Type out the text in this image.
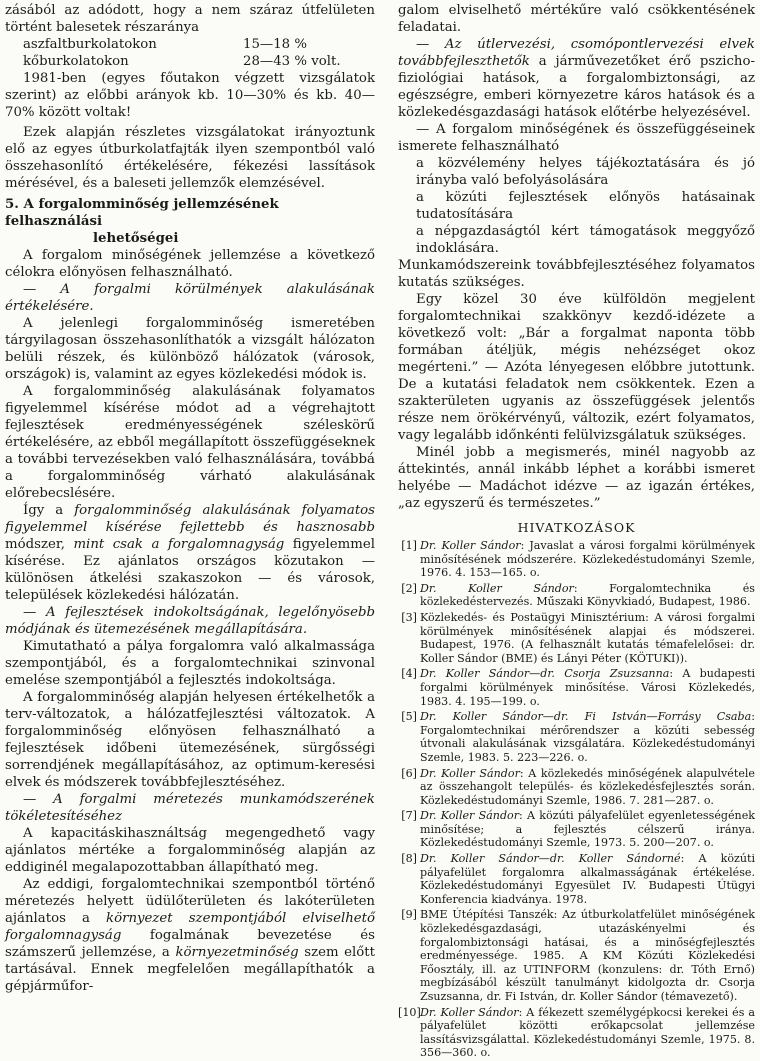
zásából az adódott, hogy a nem száraz útfelületen történt balesetek részaránya

aszfaltburkolatokon	15—18 %
kőburkolatokon	28—43 % volt.

1981-ben (egyes főutakon végzett vizsgálatok szerint) az előbbi arányok kb. 10—30% és kb. 40—70% között voltak!

Ezek alapján részletes vizsgálatokat irányoztunk elő az egyes útburkolatfajták ilyen szempontból való összehasonlító értékelésére, fékezési lassítások mérésével, és a baleseti jellemzők elemzésével.

5. A forgalomminőség jellemzésének felhasználási
lehetőségei

A forgalom minőségének jellemzése a következő célokra előnyösen felhasználható.

— A forgalmi körülmények alakulásának értékelésére.

A jelenlegi forgalomminőség ismeretében tárgyilagosan összehasonlíthatók a vizsgált hálózaton belüli részek, és különböző hálózatok (városok, országok) is, valamint az egyes közlekedési módok is.

A forgalomminőség alakulásának folyamatos figyelemmel kísérése módot ad a végrehajtott fejlesztések eredményességének széleskörű értékelésére, az ebből megállapított összefüggéseknek a további tervezésekben való felhasználására, továbbá a forgalomminőség várható alakulásának előrebecslésére.

Így a forgalomminőség alakulásának folyamatos figyelemmel kísérése fejlettebb és hasznosabb módszer, mint csak a forgalomnagyság figyelemmel kísérése. Ez ajánlatos országos közutakon — különösen átkelési szakaszokon — és városok, települések közlekedési hálózatán.

— A fejlesztések indokoltságának, legelőnyösebb módjának és ütemezésének megállapítására.

Kimutatható a pálya forgalomra való alkalmassága szempontjából, és a forgalomtechnikai szinvonal emelése szempontjából a fejlesztés indokoltsága.

A forgalomminőség alapján helyesen értékelhetők a terv-változatok, a hálózatfejlesztési változatok. A forgalomminőség előnyösen felhasználható a fejlesztések időbeni ütemezésének, sürgősségi sorrendjének megállapításához, az optimum-keresési elvek és módszerek továbbfejlesztéséhez.

— A forgalmi méretezés munkamódszerének tökéletesítéséhez

A kapacitáskihasználtság megengedhető vagy ajánlatos mértéke a forgalomminőség alapján az eddiginél megalapozottabban állapítható meg.

Az eddigi, forgalomtechnikai szempontból történő méretezés helyett üdülőterületen és lakóterületen ajánlatos a környezet szempontjából elviselhető forgalomnagyság fogalmának bevezetése és számszerű jellemzése, a környezetminőség szem előtt tartásával. Ennek megfelelően megállapíthatók a gépjárműfor-

galom elviselhető mértékűre való csökkentésének feladatai.

— Az útlervezési, csomópontlervezési elvek továbbfejleszthetők a járművezetőket érő pszicho-fiziológiai hatások, a forgalombiztonsági, az egészségre, emberi környezetre káros hatások és a közlekedésgazdasági hatások előtérbe helyezésével.

— A forgalom minőségének és összefüggéseinek ismerete felhasználható

a közvélemény helyes tájékoztatására és jó irányba való befolyásolására

a közúti fejlesztések előnyös hatásainak tudatosítására

a népgazdaságtól kért támogatások meggyőző indoklására.

Munkamódszereink továbbfejlesztéséhez folyamatos kutatás szükséges.

Egy közel 30 éve külföldön megjelent forgalomtechnikai szakkönyv kezdő-idézete a következő volt: „Bár a forgalmat naponta több formában átéljük, mégis nehézséget okoz megérteni.” — Azóta lényegesen előbbre jutottunk. De a kutatási feladatok nem csökkentek. Ezen a szakterületen ugyanis az összefüggések jelentős része nem örökérvényű, változik, ezért folyamatos, vagy legalább időnkénti felülvizsgálatuk szükséges.

Minél jobb a megismerés, minél nagyobb az áttekintés, annál inkább léphet a korábbi ismeret helyébe — Madáchot idézve — az igazán értékes, „az egyszerű és természetes.”

HIVATKOZÁSOK
[1] Dr. Koller Sándor: Javaslat a városi forgalmi körülmények minősítésének módszerére. Közlekedéstudományi Szemle, 1976. 4. 153—165. o.
[2] Dr. Koller Sándor: Forgalomtechnika és közlekedéstervezés. Műszaki Könyvkiadó, Budapest, 1986.
[3] Közlekedés- és Postaügyi Minisztérium: A városi forgalmi körülmények minősítésének alapjai és módszerei. Budapest, 1976. (A felhasznált kutatás témafelelősei: dr. Koller Sándor (BME) és Lányi Péter (KÖTUKI)).
[4] Dr. Koller Sándor—dr. Csorja Zsuzsanna: A budapesti forgalmi körülmények minősítése. Városi Közlekedés, 1983. 4. 195—199. o.
[5] Dr. Koller Sándor—dr. Fi István—Forrásy Csaba: Forgalomtechnikai mérőrendszer a közúti sebesség útvonali alakulásának vizsgálatára. Közlekedéstudományi Szemle, 1983. 5. 223—226. o.
[6] Dr. Koller Sándor: A közlekedés minőségének alapulvétele az összehangolt település- és közlekedésfejlesztés során. Közlekedéstudományi Szemle, 1986. 7. 281—287. o.
[7] Dr. Koller Sándor: A közúti pályafelület egyenletességének minősítése; a fejlesztés célszerű iránya. Közlekedéstudományi Szemle, 1973. 5. 200—207. o.
[8] Dr. Koller Sándor—dr. Koller Sándorné: A közúti pályafelület forgalomra alkalmasságának értékelése. Közlekedéstudományi Egyesület IV. Budapesti Útügyi Konferencia kiadványa. 1978.
[9] BME Útépítési Tanszék: Az útburkolatfelület minőségének közlekedésgazdasági, utazáskényelmi és forgalombiztonsági hatásai, és a minőségfejlesztés eredményessége. 1985. A KM Közúti Közlekedési Főosztály, ill. az UTINFORM (konzulens: dr. Tóth Ernő) megbízásából készült tanulmányt kidolgozta dr. Csorja Zsuzsanna, dr. Fi István, dr. Koller Sándor (témavezető).
[10] Dr. Koller Sándor: A fékezett személygépkocsi kerekei és a pályafelület közötti erőkapcsolat jellemzése lassításvizsgálattal. Közlekedéstudományi Szemle, 1975. 8. 356—360. o.
